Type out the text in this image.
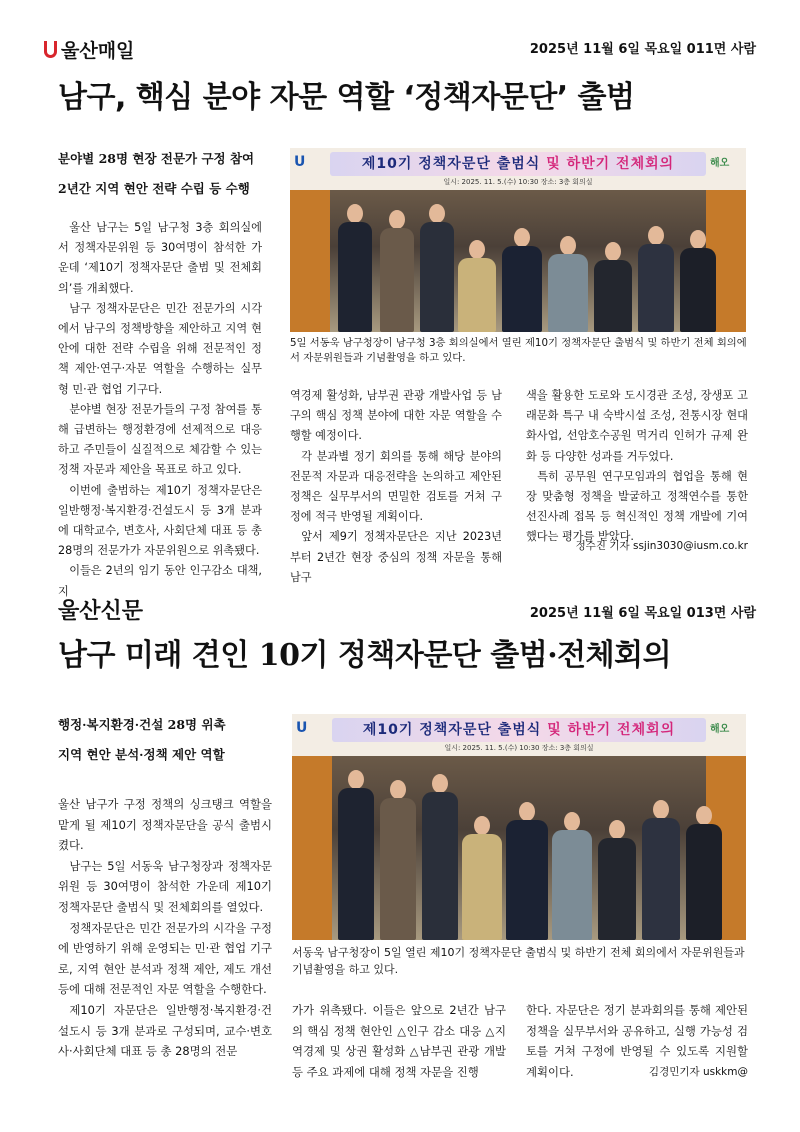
울산매일	2025년 11월 6일 목요일 011면 사람
남구, 핵심 분야 자문 역할 ‘정책자문단’ 출범
분야별 28명 현장 전문가 구정 참여
2년간 지역 현안 전략 수립 등 수행
U	제10기 정책자문단 출범식 및 하반기 전체회의
일시: 2025. 11. 5.(수) 10:30 장소: 3층 회의실
해오
5일 서동욱 남구청장이 남구청 3층 회의실에서 열린 제10기 정책자문단 출범식 및 하반기 전체 회의에서 자문위원들과 기념촬영을 하고 있다.

울산 남구는 5일 남구청 3층 회의실에서 정책자문위원 등 30여명이 참석한 가운데 ‘제10기 정책자문단 출범 및 전체회의’를 개최했다.

남구 정책자문단은 민간 전문가의 시각에서 남구의 정책방향을 제안하고 지역 현안에 대한 전략 수립을 위해 전문적인 정책 제안·연구·자문 역할을 수행하는 실무형 민·관 협업 기구다.

분야별 현장 전문가들의 구정 참여를 통해 급변하는 행정환경에 선제적으로 대응하고 주민들이 실질적으로 체감할 수 있는 정책 자문과 제안을 목표로 하고 있다.

이번에 출범하는 제10기 정책자문단은 일반행정·복지환경·건설도시 등 3개 분과에 대학교수, 변호사, 사회단체 대표 등 총 28명의 전문가가 자문위원으로 위촉됐다.

이들은 2년의 임기 동안 인구감소 대책, 지

역경제 활성화, 남부권 관광 개발사업 등 남구의 핵심 정책 분야에 대한 자문 역할을 수행할 예정이다.

각 분과별 정기 회의를 통해 해당 분야의 전문적 자문과 대응전략을 논의하고 제안된 정책은 실무부서의 면밀한 검토를 거쳐 구정에 적극 반영될 계획이다.

앞서 제9기 정책자문단은 지난 2023년부터 2년간 현장 중심의 정책 자문을 통해 남구

색을 활용한 도로와 도시경관 조성, 장생포 고래문화 특구 내 숙박시설 조성, 전통시장 현대화사업, 선암호수공원 먹거리 인허가 규제 완화 등 다양한 성과를 거두었다.

특히 공무원 연구모임과의 협업을 통해 현장 맞춤형 정책을 발굴하고 정책연수를 통한 선진사례 접목 등 혁신적인 정책 개발에 기여했다는 평가를 받았다.

정수진 기자 ssjin3030@iusm.co.kr
울산신문	2025년 11월 6일 목요일 013면 사람
남구 미래 견인 10기 정책자문단 출범·전체회의
행정·복지환경·건설 28명 위촉
지역 현안 분석·정책 제안 역할
U	제10기 정책자문단 출범식 및 하반기 전체회의
일시: 2025. 11. 5.(수) 10:30 장소: 3층 회의실
해오
서동욱 남구청장이 5일 열린 제10기 정책자문단 출범식 및 하반기 전체 회의에서 자문위원들과 기념촬영을 하고 있다.

울산 남구가 구정 정책의 싱크탱크 역할을 맡게 될 제10기 정책자문단을 공식 출범시켰다.

남구는 5일 서동욱 남구청장과 정책자문위원 등 30여명이 참석한 가운데 제10기 정책자문단 출범식 및 전체회의를 열었다.

정책자문단은 민간 전문가의 시각을 구정에 반영하기 위해 운영되는 민·관 협업 기구로, 지역 현안 분석과 정책 제안, 제도 개선 등에 대해 전문적인 자문 역할을 수행한다.

제10기 자문단은 일반행정·복지환경·건설도시 등 3개 분과로 구성되며, 교수·변호사·사회단체 대표 등 총 28명의 전문

가가 위촉됐다. 이들은 앞으로 2년간 남구의 핵심 정책 현안인 △인구 감소 대응 △지역경제 및 상권 활성화 △남부권 관광 개발 등 주요 과제에 대해 정책 자문을 진행

한다. 자문단은 정기 분과회의를 통해 제안된 정책을 실무부서와 공유하고, 실행 가능성 검토를 거쳐 구정에 반영될 수 있도록 지원할 계획이다.	김경민기자 uskkm@
